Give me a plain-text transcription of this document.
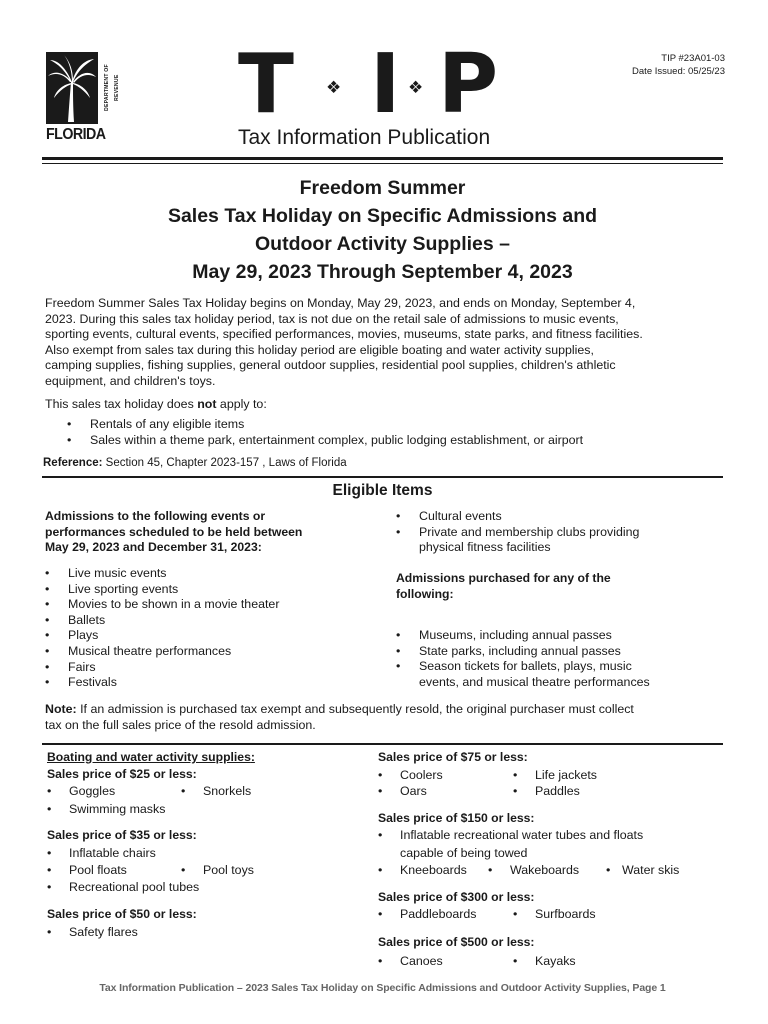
DEPARTMENT OF REVENUE
FLORIDA
T ❖ I ❖ P
Tax Information Publication
TIP #23A01-03
Date Issued: 05/25/23
Freedom Summer
Sales Tax Holiday on Specific Admissions and
Outdoor Activity Supplies –
May 29, 2023 Through September 4, 2023
Freedom Summer Sales Tax Holiday begins on Monday, May 29, 2023, and ends on Monday, September 4,
2023. During this sales tax holiday period, tax is not due on the retail sale of admissions to music events,
sporting events, cultural events, specified performances, movies, museums, state parks, and fitness facilities.
Also exempt from sales tax during this holiday period are eligible boating and water activity supplies,
camping supplies, fishing supplies, general outdoor supplies, residential pool supplies, children's athletic
equipment, and children's toys.
This sales tax holiday does not apply to:
• Rentals of any eligible items
• Sales within a theme park, entertainment complex, public lodging establishment, or airport
Reference: Section 45, Chapter 2023-157 , Laws of Florida
Eligible Items
Admissions to the following events or
performances scheduled to be held between
May 29, 2023 and December 31, 2023:
• Live music events
• Live sporting events
• Movies to be shown in a movie theater
• Ballets
• Plays
• Musical theatre performances
• Fairs
• Festivals
• Cultural events
• Private and membership clubs providing
physical fitness facilities
Admissions purchased for any of the
following:
• Museums, including annual passes
• State parks, including annual passes
• Season tickets for ballets, plays, music
events, and musical theatre performances
Note: If an admission is purchased tax exempt and subsequently resold, the original purchaser must collect
tax on the full sales price of the resold admission.
Boating and water activity supplies:
Sales price of $25 or less:
• Goggles	• Snorkels
• Swimming masks
Sales price of $35 or less:
• Inflatable chairs
• Pool floats	• Pool toys
• Recreational pool tubes
Sales price of $50 or less:
• Safety flares
Sales price of $75 or less:
• Coolers	• Life jackets
• Oars	• Paddles
Sales price of $150 or less:
• Inflatable recreational water tubes and floats
capable of being towed
• Kneeboards • Wakeboards • Water skis
Sales price of $300 or less:
• Paddleboards	• Surfboards
Sales price of $500 or less:
• Canoes	• Kayaks
Tax Information Publication – 2023 Sales Tax Holiday on Specific Admissions and Outdoor Activity Supplies, Page 1
